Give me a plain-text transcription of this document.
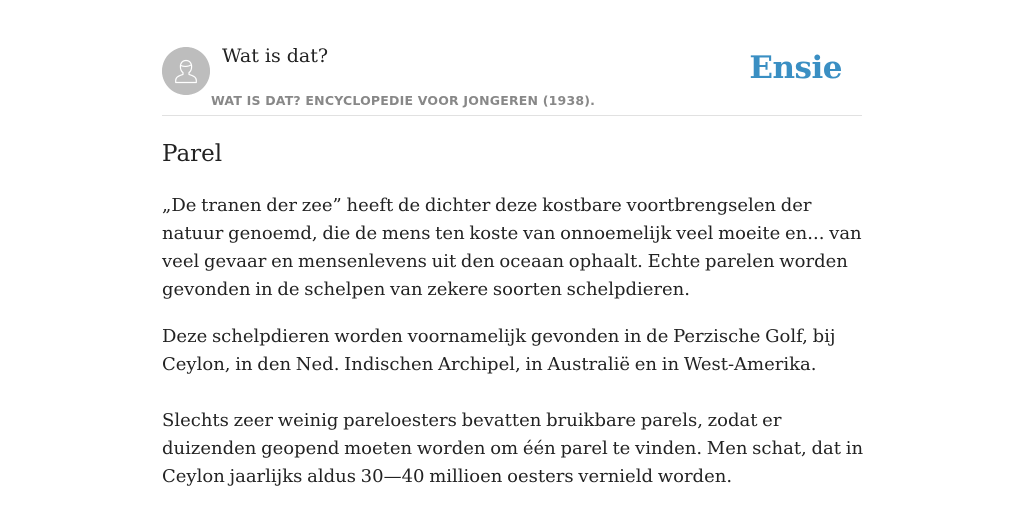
Wat is dat?
WAT IS DAT? ENCYCLOPEDIE VOOR JONGEREN (1938).
Ensie
Parel

„De tranen der zee” heeft de dichter deze kostbare voortbrengselen der natuur genoemd, die de mens ten koste van onnoemelijk veel moeite en... van veel gevaar en mensenlevens uit den oceaan ophaalt. Echte parelen worden gevonden in de schelpen van zekere soorten schelpdieren.

Deze schelpdieren worden voornamelijk gevonden in de Perzische Golf, bij Ceylon, in den Ned. Indischen Archipel, in Australië en in West-Amerika.

Slechts zeer weinig pareloesters bevatten bruikbare parels, zodat er duizenden geopend moeten worden om één parel te vinden. Men schat, dat in Ceylon jaarlijks aldus 30—40 millioen oesters vernield worden.
